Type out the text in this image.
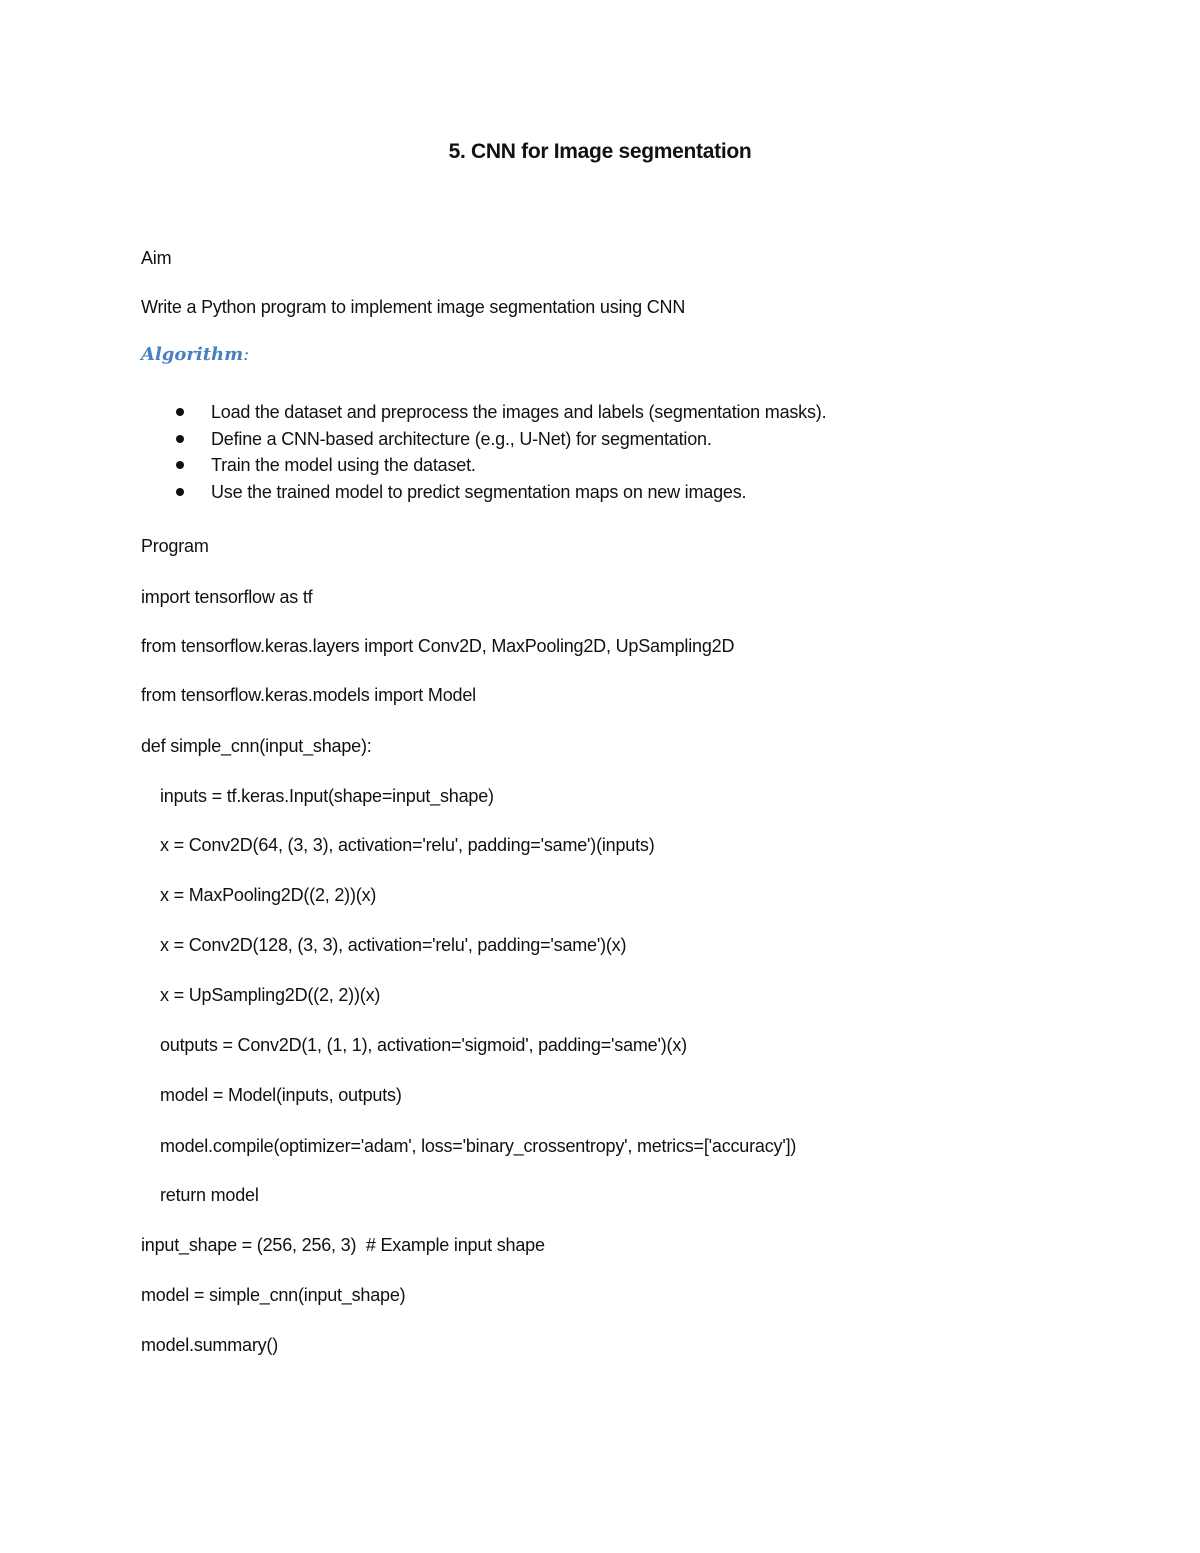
5. CNN for Image segmentation
Aim
Write a Python program to implement image segmentation using CNN
Algorithm:

Load the dataset and preprocess the images and labels (segmentation masks).

Define a CNN-based architecture (e.g., U-Net) for segmentation.

Train the model using the dataset.

Use the trained model to predict segmentation maps on new images.

Program
import tensorflow as tf
from tensorflow.keras.layers import Conv2D, MaxPooling2D, UpSampling2D
from tensorflow.keras.models import Model
def simple_cnn(input_shape):
inputs = tf.keras.Input(shape=input_shape)
x = Conv2D(64, (3, 3), activation='relu', padding='same')(inputs)
x = MaxPooling2D((2, 2))(x)
x = Conv2D(128, (3, 3), activation='relu', padding='same')(x)
x = UpSampling2D((2, 2))(x)
outputs = Conv2D(1, (1, 1), activation='sigmoid', padding='same')(x)
model = Model(inputs, outputs)
model.compile(optimizer='adam', loss='binary_crossentropy', metrics=['accuracy'])
return model
input_shape = (256, 256, 3)  # Example input shape
model = simple_cnn(input_shape)
model.summary()
